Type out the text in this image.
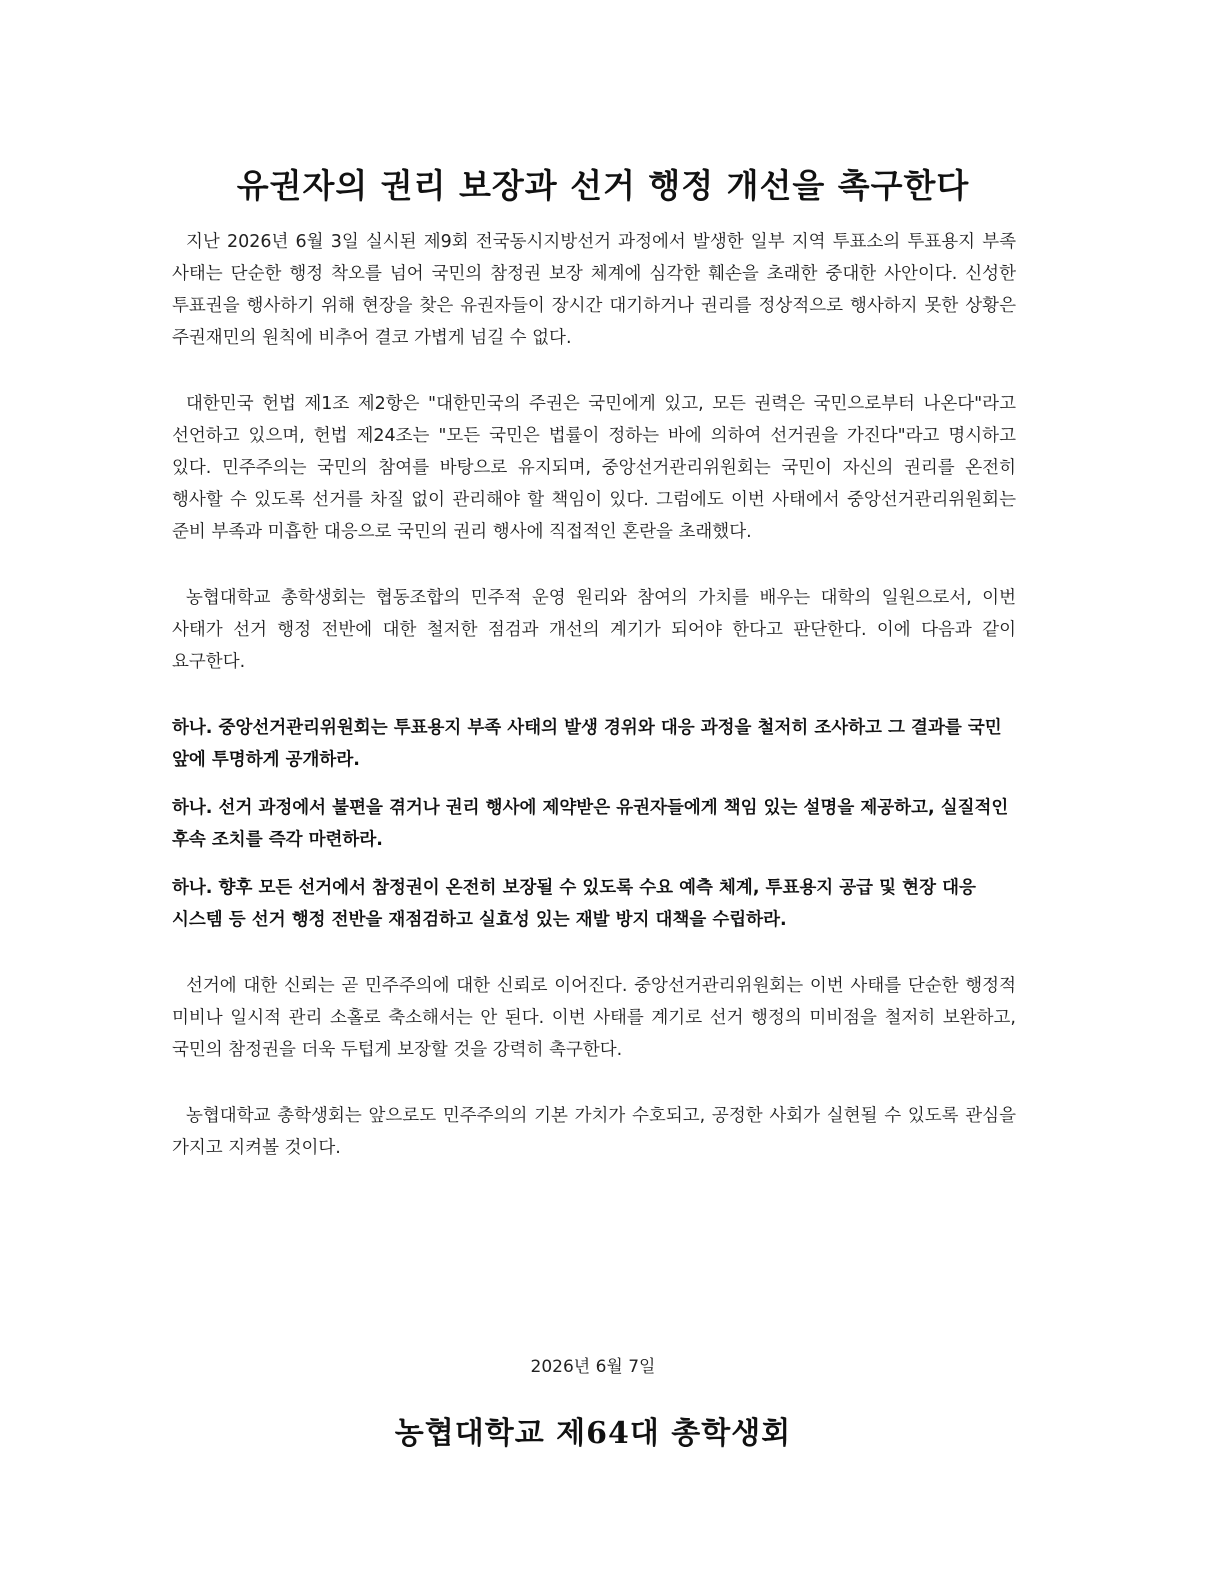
유권자의 권리 보장과 선거 행정 개선을 촉구한다

지난 2026년 6월 3일 실시된 제9회 전국동시지방선거 과정에서 발생한 일부 지역 투표소의 투표용지 부족 사태는 단순한 행정 착오를 넘어 국민의 참정권 보장 체계에 심각한 훼손을 초래한 중대한 사안이다. 신성한 투표권을 행사하기 위해 현장을 찾은 유권자들이 장시간 대기하거나 권리를 정상적으로 행사하지 못한 상황은 주권재민의 원칙에 비추어 결코 가볍게 넘길 수 없다.

대한민국 헌법 제1조 제2항은 "대한민국의 주권은 국민에게 있고, 모든 권력은 국민으로부터 나온다"라고 선언하고 있으며, 헌법 제24조는 "모든 국민은 법률이 정하는 바에 의하여 선거권을 가진다"라고 명시하고 있다. 민주주의는 국민의 참여를 바탕으로 유지되며, 중앙선거관리위원회는 국민이 자신의 권리를 온전히 행사할 수 있도록 선거를 차질 없이 관리해야 할 책임이 있다. 그럼에도 이번 사태에서 중앙선거관리위원회는 준비 부족과 미흡한 대응으로 국민의 권리 행사에 직접적인 혼란을 초래했다.

농협대학교 총학생회는 협동조합의 민주적 운영 원리와 참여의 가치를 배우는 대학의 일원으로서, 이번 사태가 선거 행정 전반에 대한 철저한 점검과 개선의 계기가 되어야 한다고 판단한다. 이에 다음과 같이 요구한다.

하나. 중앙선거관리위원회는 투표용지 부족 사태의 발생 경위와 대응 과정을 철저히 조사하고 그 결과를 국민 앞에 투명하게 공개하라.

하나. 선거 과정에서 불편을 겪거나 권리 행사에 제약받은 유권자들에게 책임 있는 설명을 제공하고, 실질적인 후속 조치를 즉각 마련하라.

하나. 향후 모든 선거에서 참정권이 온전히 보장될 수 있도록 수요 예측 체계, 투표용지 공급 및 현장 대응 시스템 등 선거 행정 전반을 재점검하고 실효성 있는 재발 방지 대책을 수립하라.

선거에 대한 신뢰는 곧 민주주의에 대한 신뢰로 이어진다. 중앙선거관리위원회는 이번 사태를 단순한 행정적 미비나 일시적 관리 소홀로 축소해서는 안 된다. 이번 사태를 계기로 선거 행정의 미비점을 철저히 보완하고, 국민의 참정권을 더욱 두텁게 보장할 것을 강력히 촉구한다.

농협대학교 총학생회는 앞으로도 민주주의의 기본 가치가 수호되고, 공정한 사회가 실현될 수 있도록 관심을 가지고 지켜볼 것이다.

2026년 6월 7일
농협대학교 제64대 총학생회
